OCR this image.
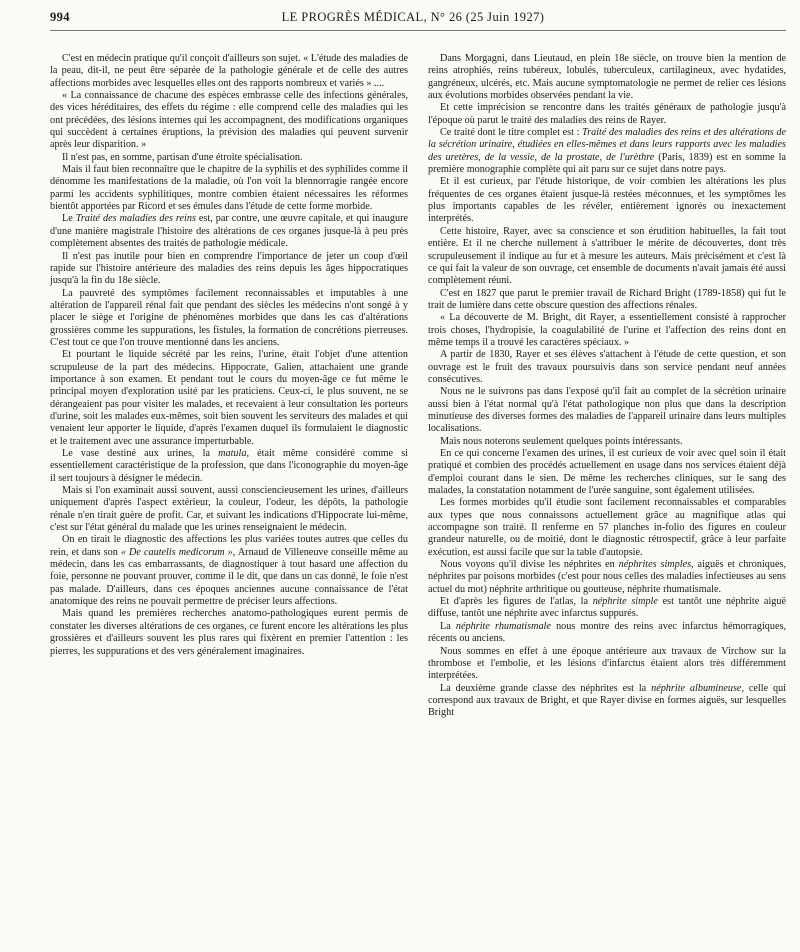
994	LE PROGRÈS MÉDICAL, N° 26 (25 Juin 1927)

C'est en médecin pratique qu'il conçoit d'ailleurs son sujet. « L'étude des maladies de la peau, dit-il, ne peut être séparée de la pathologie générale et de celle des autres affections morbides avec lesquelles elles ont des rapports nombreux et variés » ....

« La connaissance de chacune des espèces embrasse celle des infections générales, des vices héréditaires, des effets du régime : elle comprend celle des maladies qui les ont précédées, des lésions internes qui les accompagnent, des modifications organiques qui succèdent à certaines éruptions, la prévision des maladies qui peuvent survenir après leur disparition. »

Il n'est pas, en somme, partisan d'une étroite spécialisation.

Mais il faut bien reconnaître que le chapitre de la syphilis et des syphilides comme il dénomme les manifestations de la maladie, où l'on voit la blennorragie rangée encore parmi les accidents syphilitiques, montre combien étaient nécessaires les réformes bientôt apportées par Ricord et ses émules dans l'étude de cette forme morbide.

Le Traité des maladies des reins est, par contre, une œuvre capitale, et qui inaugure d'une manière magistrale l'histoire des altérations de ces organes jusque-là à peu près complètement absentes des traités de pathologie médicale.

Il n'est pas inutile pour bien en comprendre l'importance de jeter un coup d'œil rapide sur l'histoire antérieure des maladies des reins depuis les âges hippocratiques jusqu'à la fin du 18e siècle.

La pauvreté des symptômes facilement reconnaissables et imputables à une altération de l'appareil rénal fait que pendant des siècles les médecins n'ont songé à y placer le siège et l'origine de phénomènes morbides que dans les cas d'altérations grossières comme les suppurations, les fistules, la formation de concrétions pierreuses. C'est tout ce que l'on trouve mentionné dans les anciens.

Et pourtant le liquide sécrété par les reins, l'urine, était l'objet d'une attention scrupuleuse de la part des médecins. Hippocrate, Galien, attachaient une grande importance à son examen. Et pendant tout le cours du moyen-âge ce fut même le principal moyen d'exploration usité par les praticiens. Ceux-ci, le plus souvent, ne se dérangeaient pas pour visiter les malades, et recevaient à leur consultation les porteurs d'urine, soit les malades eux-mêmes, soit bien souvent les serviteurs des malades et qui venaient leur apporter le liquide, d'après l'examen duquel ils formulaient le diagnostic et le traitement avec une assurance imperturbable.

Le vase destiné aux urines, la matula, était même considéré comme si essentiellement caractéristique de la profession, que dans l'iconographie du moyen-âge il sert toujours à désigner le médecin.

Mais si l'on examinait aussi souvent, aussi consciencieusement les urines, d'ailleurs uniquement d'après l'aspect extérieur, la couleur, l'odeur, les dépôts, la pathologie rénale n'en tirait guère de profit. Car, et suivant les indications d'Hippocrate lui-même, c'est sur l'état général du malade que les urines renseignaient le médecin.

On en tirait le diagnostic des affections les plus variées toutes autres que celles du rein, et dans son « De cautelis medicorum », Arnaud de Villeneuve conseille même au médecin, dans les cas embarrassants, de diagnostiquer à tout hasard une affection du foie, personne ne pouvant prouver, comme il le dit, que dans un cas donné, le foie n'est pas malade. D'ailleurs, dans ces époques anciennes aucune connaissance de l'état anatomique des reins ne pouvait permettre de préciser leurs affections.

Mais quand les premières recherches anatomo-pathologiques eurent permis de constater les diverses altérations de ces organes, ce furent encore les altérations les plus grossières et d'ailleurs souvent les plus rares qui fixèrent en premier l'attention : les pierres, les suppurations et des vers généralement imaginaires.

Dans Morgagni, dans Lieutaud, en plein 18e siècle, on trouve bien la mention de reins atrophiés, reins tubéreux, lobulés, tuberculeux, cartilagineux, avec hydatides, gangréneux, ulcérés, etc. Mais aucune symptomatologie ne permet de relier ces lésions aux évolutions morbides observées pendant la vie.

Et cette imprécision se rencontre dans les traités généraux de pathologie jusqu'à l'époque où parut le traité des maladies des reins de Rayer.

Ce traité dont le titre complet est : Traité des maladies des reins et des altérations de la sécrétion urinaire, étudiées en elles-mêmes et dans leurs rapports avec les maladies des uretères, de la vessie, de la prostate, de l'urèthre (Paris, 1839) est en somme la première monographie complète qui ait paru sur ce sujet dans notre pays.

Et il est curieux, par l'étude historique, de voir combien les altérations les plus fréquentes de ces organes étaient jusque-là restées méconnues, et les symptômes les plus importants capables de les révéler, entièrement ignorés ou inexactement interprétés.

Cette histoire, Rayer, avec sa conscience et son érudition habituelles, la fait tout entière. Et il ne cherche nullement à s'attribuer le mérite de découvertes, dont très scrupuleusement il indique au fur et à mesure les auteurs. Mais précisément et c'est là ce qui fait la valeur de son ouvrage, cet ensemble de documents n'avait jamais été aussi complètement réuni.

C'est en 1827 que parut le premier travail de Richard Bright (1789-1858) qui fut le trait de lumière dans cette obscure question des affections rénales.

« La découverte de M. Bright, dit Rayer, a essentiellement consisté à rapprocher trois choses, l'hydropisie, la coagulabilité de l'urine et l'affection des reins dont en même temps il a trouvé les caractères spéciaux. »

A partir de 1830, Rayer et ses élèves s'attachent à l'étude de cette question, et son ouvrage est le fruit des travaux poursuivis dans son service pendant neuf années consécutives.

Nous ne le suivrons pas dans l'exposé qu'il fait au complet de la sécrétion urinaire aussi bien à l'état normal qu'à l'état pathologique non plus que dans la description minutieuse des diverses formes des maladies de l'appareil urinaire dans leurs multiples localisations.

Mais nous noterons seulement quelques points intéressants.

En ce qui concerne l'examen des urines, il est curieux de voir avec quel soin il était pratiqué et combien des procédés actuellement en usage dans nos services étaient déjà d'emploi courant dans le sien. De même les recherches cliniques, sur le sang des malades, la constatation notamment de l'urée sanguine, sont également utilisées.

Les formes morbides qu'il étudie sont facilement reconnaissables et comparables aux types que nous connaissons actuellement grâce au magnifique atlas qui accompagne son traité. Il renferme en 57 planches in-folio des figures en couleur grandeur naturelle, ou de moitié, dont le diagnostic rétrospectif, grâce à leur parfaite exécution, est aussi facile que sur la table d'autopsie.

Nous voyons qu'il divise les néphrites en néphrites simples, aiguës et chroniques, néphrites par poisons morbides (c'est pour nous celles des maladies infectieuses au sens actuel du mot) néphrite arthritique ou goutteuse, néphrite rhumatismale.

Et d'après les figures de l'atlas, la néphrite simple est tantôt une néphrite aiguë diffuse, tantôt une néphrite avec infarctus suppurés.

La néphrite rhumatismale nous montre des reins avec infarctus hémorragiques, récents ou anciens.

Nous sommes en effet à une époque antérieure aux travaux de Virchow sur la thrombose et l'embolie, et les lésions d'infarctus étaient alors très différemment interprétées.

La deuxième grande classe des néphrites est la néphrite albumineuse, celle qui correspond aux travaux de Bright, et que Rayer divise en formes aiguës, sur lesquelles Bright
